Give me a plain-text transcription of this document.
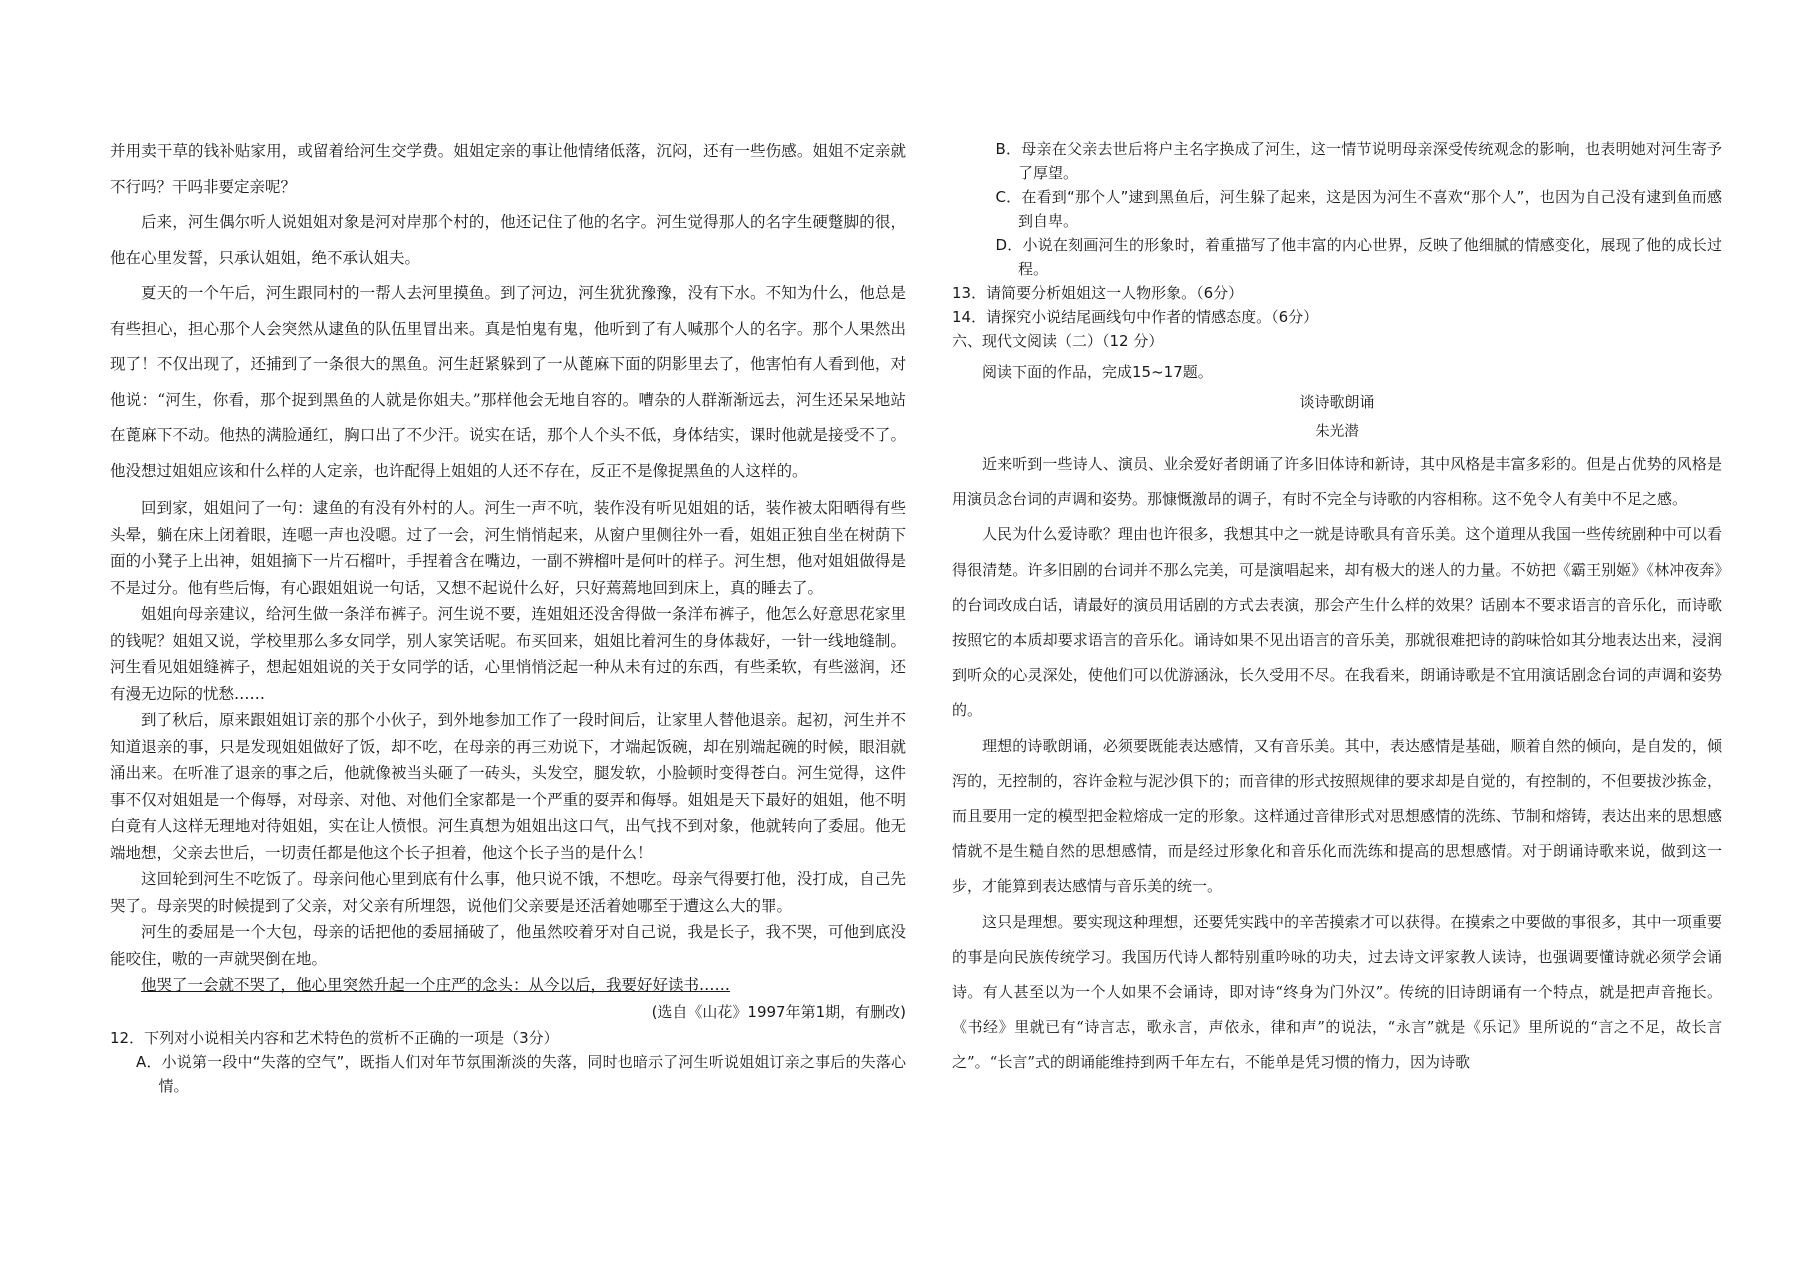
并用卖干草的钱补贴家用，或留着给河生交学费。姐姐定亲的事让他情绪低落，沉闷，还有一些伤感。姐姐不定亲就不行吗？干吗非要定亲呢？

后来，河生偶尔听人说姐姐对象是河对岸那个村的，他还记住了他的名字。河生觉得那人的名字生硬蹩脚的很，他在心里发誓，只承认姐姐，绝不承认姐夫。

夏天的一个午后，河生跟同村的一帮人去河里摸鱼。到了河边，河生犹犹豫豫，没有下水。不知为什么，他总是有些担心，担心那个人会突然从逮鱼的队伍里冒出来。真是怕鬼有鬼，他听到了有人喊那个人的名字。那个人果然出现了！不仅出现了，还捕到了一条很大的黑鱼。河生赶紧躲到了一从蓖麻下面的阴影里去了，他害怕有人看到他，对他说：“河生，你看，那个捉到黑鱼的人就是你姐夫。”那样他会无地自容的。嘈杂的人群渐渐远去，河生还呆呆地站在蓖麻下不动。他热的满脸通红，胸口出了不少汗。说实在话，那个人个头不低，身体结实，课时他就是接受不了。他没想过姐姐应该和什么样的人定亲，也许配得上姐姐的人还不存在，反正不是像捉黑鱼的人这样的。

回到家，姐姐问了一句：逮鱼的有没有外村的人。河生一声不吭，装作没有听见姐姐的话，装作被太阳晒得有些头晕，躺在床上闭着眼，连嗯一声也没嗯。过了一会，河生悄悄起来，从窗户里侧往外一看，姐姐正独自坐在树荫下面的小凳子上出神，姐姐摘下一片石榴叶，手捏着含在嘴边，一副不辨榴叶是何叶的样子。河生想，他对姐姐做得是不是过分。他有些后悔，有心跟姐姐说一句话，又想不起说什么好，只好蔫蔫地回到床上，真的睡去了。

姐姐向母亲建议，给河生做一条洋布裤子。河生说不要，连姐姐还没舍得做一条洋布裤子，他怎么好意思花家里的钱呢？姐姐又说，学校里那么多女同学，别人家笑话呢。布买回来，姐姐比着河生的身体裁好，一针一线地缝制。河生看见姐姐缝裤子，想起姐姐说的关于女同学的话，心里悄悄泛起一种从未有过的东西，有些柔软，有些滋润，还有漫无边际的忧愁……

到了秋后，原来跟姐姐订亲的那个小伙子，到外地参加工作了一段时间后，让家里人替他退亲。起初，河生并不知道退亲的事，只是发现姐姐做好了饭，却不吃，在母亲的再三劝说下，才端起饭碗，却在别端起碗的时候，眼泪就涌出来。在听准了退亲的事之后，他就像被当头砸了一砖头，头发空，腿发软，小脸顿时变得苍白。河生觉得，这件事不仅对姐姐是一个侮辱，对母亲、对他、对他们全家都是一个严重的耍弄和侮辱。姐姐是天下最好的姐姐，他不明白竟有人这样无理地对待姐姐，实在让人愤恨。河生真想为姐姐出这口气，出气找不到对象，他就转向了委屈。他无端地想，父亲去世后，一切责任都是他这个长子担着，他这个长子当的是什么！

这回轮到河生不吃饭了。母亲问他心里到底有什么事，他只说不饿，不想吃。母亲气得要打他，没打成，自己先哭了。母亲哭的时候提到了父亲，对父亲有所埋怨，说他们父亲要是还活着她哪至于遭这么大的罪。

河生的委屈是一个大包，母亲的话把他的委屈捅破了，他虽然咬着牙对自己说，我是长子，我不哭，可他到底没能咬住，嗷的一声就哭倒在地。

他哭了一会就不哭了，他心里突然升起一个庄严的念头：从今以后，我要好好读书……

(选自《山花》1997年第1期，有删改)

12．下列对小说相关内容和艺术特色的赏析不正确的一项是（3分）

A．小说第一段中“失落的空气”，既指人们对年节氛围渐淡的失落，同时也暗示了河生听说姐姐订亲之事后的失落心情。

B．母亲在父亲去世后将户主名字换成了河生，这一情节说明母亲深受传统观念的影响，也表明她对河生寄予了厚望。

C．在看到“那个人”逮到黑鱼后，河生躲了起来，这是因为河生不喜欢“那个人”，也因为自己没有逮到鱼而感到自卑。

D．小说在刻画河生的形象时，着重描写了他丰富的内心世界，反映了他细腻的情感变化，展现了他的成长过程。

13．请简要分析姐姐这一人物形象。（6分）

14．请探究小说结尾画线句中作者的情感态度。（6分）

六、现代文阅读（二）（12 分）

阅读下面的作品，完成15~17题。

谈诗歌朗诵

朱光潜

近来听到一些诗人、演员、业余爱好者朗诵了许多旧体诗和新诗，其中风格是丰富多彩的。但是占优势的风格是用演员念台词的声调和姿势。那慷慨激昂的调子，有时不完全与诗歌的内容相称。这不免令人有美中不足之感。

人民为什么爱诗歌？理由也许很多，我想其中之一就是诗歌具有音乐美。这个道理从我国一些传统剧种中可以看得很清楚。许多旧剧的台词并不那么完美，可是演唱起来，却有极大的迷人的力量。不妨把《霸王别姬》《林冲夜奔》的台词改成白话，请最好的演员用话剧的方式去表演，那会产生什么样的效果？话剧本不要求语言的音乐化，而诗歌按照它的本质却要求语言的音乐化。诵诗如果不见出语言的音乐美，那就很难把诗的韵味恰如其分地表达出来，浸润到听众的心灵深处，使他们可以优游涵泳，长久受用不尽。在我看来，朗诵诗歌是不宜用演话剧念台词的声调和姿势的。

理想的诗歌朗诵，必须要既能表达感情，又有音乐美。其中，表达感情是基础，顺着自然的倾向，是自发的，倾泻的，无控制的，容许金粒与泥沙俱下的；而音律的形式按照规律的要求却是自觉的，有控制的，不但要拔沙拣金，而且要用一定的模型把金粒熔成一定的形象。这样通过音律形式对思想感情的洗练、节制和熔铸，表达出来的思想感情就不是生糙自然的思想感情，而是经过形象化和音乐化而洗练和提高的思想感情。对于朗诵诗歌来说，做到这一步，才能算到表达感情与音乐美的统一。

这只是理想。要实现这种理想，还要凭实践中的辛苦摸索才可以获得。在摸索之中要做的事很多，其中一项重要的事是向民族传统学习。我国历代诗人都特别重吟咏的功夫，过去诗文评家教人读诗，也强调要懂诗就必须学会诵诗。有人甚至以为一个人如果不会诵诗，即对诗“终身为门外汉”。传统的旧诗朗诵有一个特点，就是把声音拖长。《书经》里就已有“诗言志，歌永言，声依永，律和声”的说法，“永言”就是《乐记》里所说的“言之不足，故长言之”。“长言”式的朗诵能维持到两千年左右，不能单是凭习惯的惰力，因为诗歌
